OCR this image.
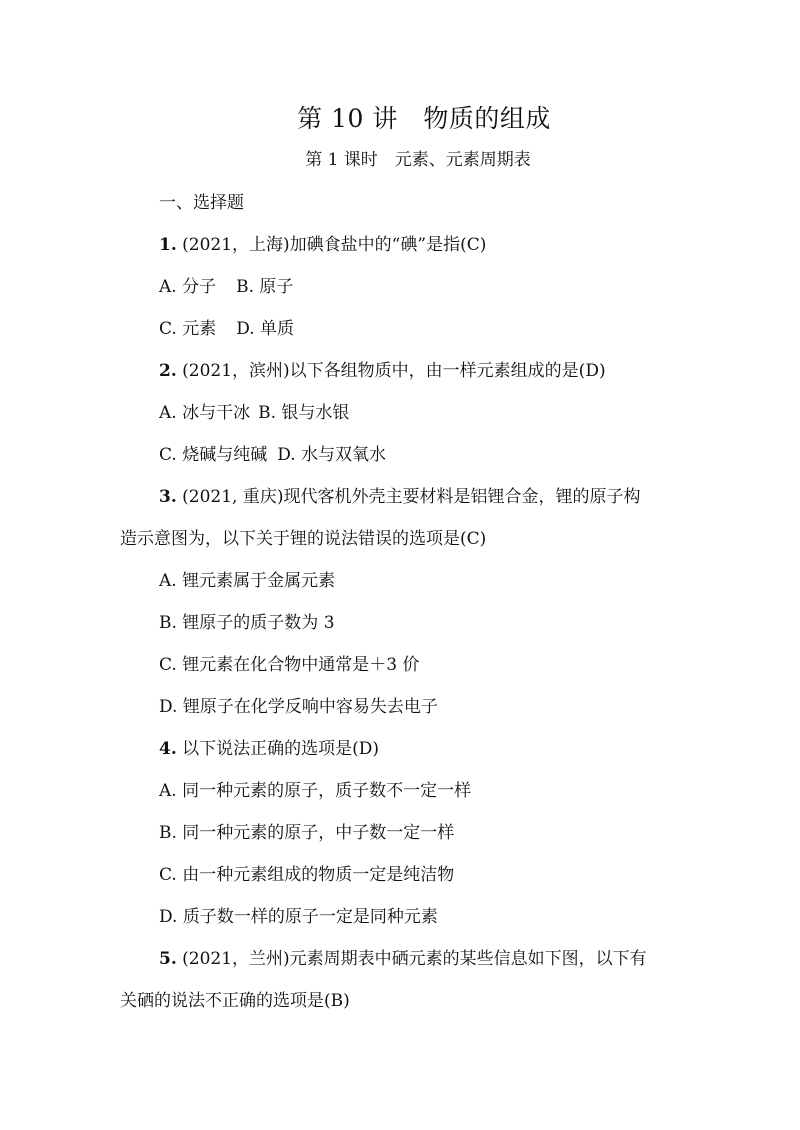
第 10 讲　物质的组成
第 1 课时　元素、元素周期表
一、选择题
1. (2021，上海)加碘食盐中的“碘”是指(C)
A. 分子 B. 原子
C. 元素 D. 单质
2. (2021，滨州)以下各组物质中，由一样元素组成的是(D)
A. 冰与干冰 B. 银与水银
C. 烧碱与纯碱 D. 水与双氧水
3. (2021, 重庆)现代客机外壳主要材料是铝锂合金，锂的原子构
造示意图为，以下关于锂的说法错误的选项是(C)
A. 锂元素属于金属元素
B. 锂原子的质子数为 3
C. 锂元素在化合物中通常是＋3 价
D. 锂原子在化学反响中容易失去电子
4. 以下说法正确的选项是(D)
A. 同一种元素的原子，质子数不一定一样
B. 同一种元素的原子，中子数一定一样
C. 由一种元素组成的物质一定是纯洁物
D. 质子数一样的原子一定是同种元素
5. (2021，兰州)元素周期表中硒元素的某些信息如下图，以下有
关硒的说法不正确的选项是(B)
